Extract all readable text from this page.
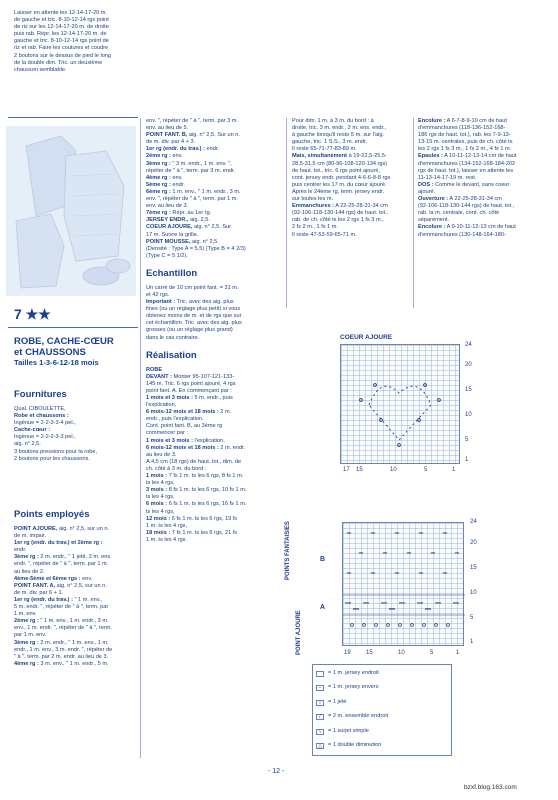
Laisser en attente les 12-14-17-20 m.
de gauche et tric. 8-10-12-14 rgs point
de riz sur les 12-14-17-20 m. de droite
puis rab. Répr. les 12-14-17-20 m. de
gauche et tric. 8-10-12-14 rgs point de
riz et rab. Faire les coutures et coudre
2 boutons sur le dessus de pied le long
de la double dim. Tric. un deuxième
chausson semblable.
7 ★★
ROBE, CACHE-CŒUR
et CHAUSSONS
Tailles 1-3-6-12-18 mois
Fournitures
Qual. CIBOULETTE,
Robe et chaussons :
Ingénue = 2-2-3-3-4 pel.,
Cache-cœur :
Ingénue = 2-2-2-3-3 pel.,
aig. n° 2,5.
3 boutons pressions pour la robe,
2 boutons pour les chaussons.
Points employés
POINT AJOURE, aig. n° 2,5, sur un n.
de m. impair.
1er rg (endr. du trav.) et 2ème rg :
endr.
3ème rg : 2 m. endr., " 1 jeté, 2 m. ens.
endr. ", répéter de " à ", term. par 1 m.
au lieu de 2.
4ème-5ème et 6ème rgs : env.
POINT FANT. A, aig. n° 2,5, sur un n.
de m. div. par 6 + 1.
1er rg (endr. du trav.) : " 1 m. env.,
5 m. endr. ", répéter de " à ", term. par
1 m. env.
2ème rg : " 1 m. env., 1 m. endr., 3 m.
env., 1 m. endr. ", répéter de " à ", term.
par 1 m. env.
3ème rg : 2 m. endr., " 1 m. env., 1 m.
endr., 1 m. env., 3 m. endr. ", répéter de
" à ", term. par 2 m. endr. au lieu de 3.
4ème rg : 3 m. env., " 1 m. endr., 5 m.
env. ", répéter de " à ", term. par 3 m.
env. au lieu de 5.
POINT FANT. B, aig. n° 2,5. Sur un n.
de m. div. par 4 + 3.
1er rg (endr. du trav.) : endr.
2ème rg : env.
3ème rg : " 3 m. endr., 1 m. env. ",
répéter de " à ", term. par 3 m. endr.
4ème rg : env.
5ème rg : endr.
6ème rg : 1 m. env., " 1 m. endr., 3 m.
env. ", répéter de " à ", term. par 1 m.
env. au lieu de 3.
7ème rg : Répr. au 1er rg.
JERSEY ENDR., aig. 2,5.
COEUR AJOURE, aig. n° 2,5. Sur
17 m. Suivre la grille.
POINT MOUSSE, aig. n° 2,5.
(Densité : Type A = 5,5) (Type B = 4 2/3)
(Type C = 5 1/2).
Echantillon
Un carré de 10 cm point fant. = 31 m.
et 42 rgs.
Important : Tric. avec des aig. plus
fines (ou un réglage plus petit) si vous
obtenez moins de m. et de rgs que sur
cet échantillon. Tric. avec des aig. plus
grosses (ou un réglage plus grand)
dans le cas contraire.
Réalisation
ROBE
DEVANT : Monter 95-107-121-133-
145 m. Tric. 6 rgs point ajouré, 4 rgs
point fant. A. En commençant par :
1 mois et 3 mois : 5 m. endr., puis
l'explication,
6 mois-12 mois et 18 mois : 2 m.
endr., puis l'explication.
Cont. point fant. B, au 3ème rg
commencer par :
1 mois et 3 mois : l'explication,
6 mois-12 mois et 18 mois : 2 m. endr.
au lieu de 3.
A 4,5 cm (18 rgs) de haut. tot., dim. de
ch. côté à 3 m. du bord :
1 mois : 7 fs 1 m. ts les 6 rgs, 8 fs 1 m.
ts les 4 rgs,
3 mois : 8 fs 1 m. ts les 6 rgs, 10 fs 1 m.
ts les 4 rgs,
6 mois : 6 fs 1 m. ts les 6 rgs, 16 fs 1 m.
ts les 4 rgs,
12 mois : 6 fs 1 m. ts les 6 rgs, 19 fs
1 m. ts les 4 rgs,
18 mois : 7 fs 1 m. ts les 6 rgs, 21 fs
1 m. ts les 4 rgs.
Pour dim. 1 m. à 3 m. du bord : à
droite, tric. 3 m. endr., 2 m. ens. endr.,
à gauche lorsqu'il reste 5 m. sur l'aig.
gauche, tric. 1 S.S., 3 m. endr.
Il reste 65-71-77-83-89 m.
Mais, simultanément à 19-22,5-25,5-
28,5-31,5 cm (80-96-108-120-134 rgs)
de haut. tot., tric. 6 rgs point ajouré,
cont. jersey endr. pendant 4-6-6-8-8 rgs
puis centrer les 17 m. du cœur ajouré.
Après le 24ème rg, term. jersey endr.
sur toutes les m.
Emmanchures : A 22-25-28-31-34 cm
(92-106-118-130-144 rgs) de haut. tot.,
rab. de ch. côté ts les 2 rgs 1 fs 3 m.,
2 fs 2 m., 1 fs 1 m.
Il reste 47-53-59-65-71 m.
Encolure : A 6-7-8-9-10 cm de haut
d'emmanchures (118-136-152-168-
186 rgs de haut. tot.), rab. les 7-9-13-
13-15 m. centrales, puis de ch. côté ts
les 2 rgs 1 fs 3 m., 1 fs 2 m., 4 fs 1 m.
Epaules : A 10-11-12-13-14 cm de haut
d'emmanchures (134-152-168-184-202
rgs de haut. tot.), laisser en attente les
11-13-14-17-19 m. rest.
DOS : Comme le devant, sans coeur
ajouré.
Ouverture : A 22-25-28-31-34 cm
(92-106-118-130-144 rgs) de haut. tot.,
rab. la m. centrale, cont. ch. côté
séparément.
Encolure : A 9-10-11-12-13 cm de haut
d'emmanchures (130-148-164-180-
COEUR AJOURE
24
20
15
10
5
1
17 15	10	5	1
POINTS FANTAISIES	B
A
POINT AJOURE
24
20
15
10
5
1
19	15	10	5	1
= 1 m. jersey endroit
–	= 1 m. jersey envers
○	= 1 jeté
/	= 2 m. ensemble endroit
\	= 1 surjet simple
△	= 1 double diminution
- 12 -
bzxf.blog.163.com
